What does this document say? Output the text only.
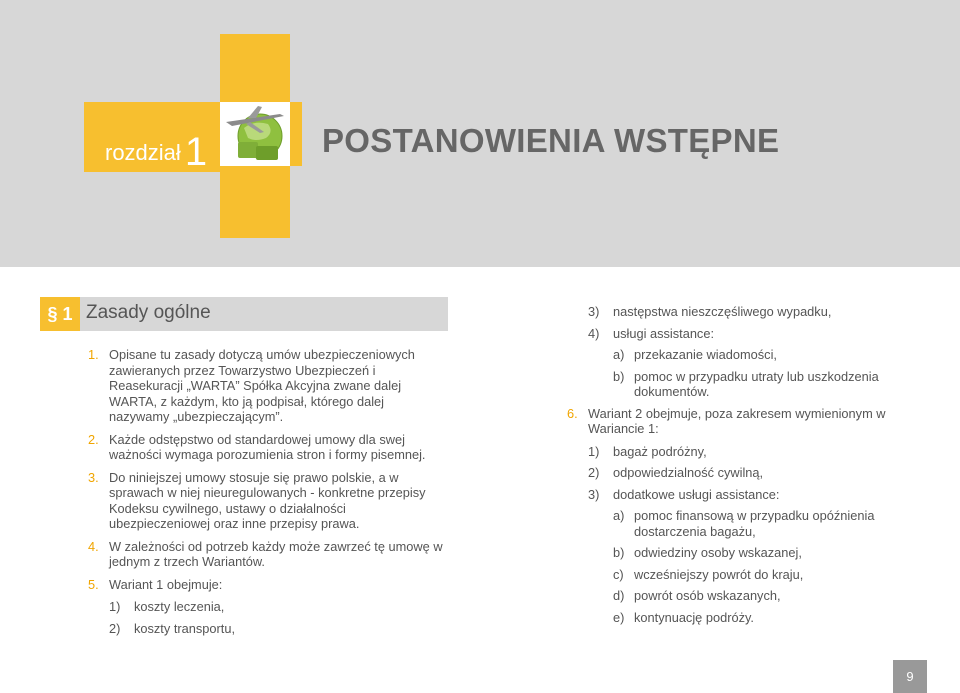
rozdział 1	POSTANOWIENIA WSTĘPNE
§ 1 Zasady ogólne
1. Opisane tu zasady dotyczą umów ubezpieczeniowych zawieranych przez Towarzystwo Ubezpieczeń i Reasekuracji „WARTA” Spółka Akcyjna zwane dalej WARTA, z każdym, kto ją podpisał, którego dalej nazywamy „ubezpieczającym”.
2. Każde odstępstwo od standardowej umowy dla swej ważności wymaga porozumienia stron i formy pisemnej.
3. Do niniejszej umowy stosuje się prawo polskie, a w sprawach w niej nieuregulowanych - konkretne przepisy Kodeksu cywilnego, ustawy o działalności ubezpieczeniowej oraz inne przepisy prawa.
4. W zależności od potrzeb każdy może zawrzeć tę umowę w jednym z trzech Wariantów.
5. Wariant 1 obejmuje:
1) koszty leczenia,
2) koszty transportu,
3) następstwa nieszczęśliwego wypadku,
4) usługi assistance:
a) przekazanie wiadomości,
b) pomoc w przypadku utraty lub uszkodzenia dokumentów.
6. Wariant 2 obejmuje, poza zakresem wymienionym w Wariancie 1:
1) bagaż podróżny,
2) odpowiedzialność cywilną,
3) dodatkowe usługi assistance:
a) pomoc finansową w przypadku opóźnienia dostarczenia bagażu,
b) odwiedziny osoby wskazanej,
c) wcześniejszy powrót do kraju,
d) powrót osób wskazanych,
e) kontynuację podróży.
9
